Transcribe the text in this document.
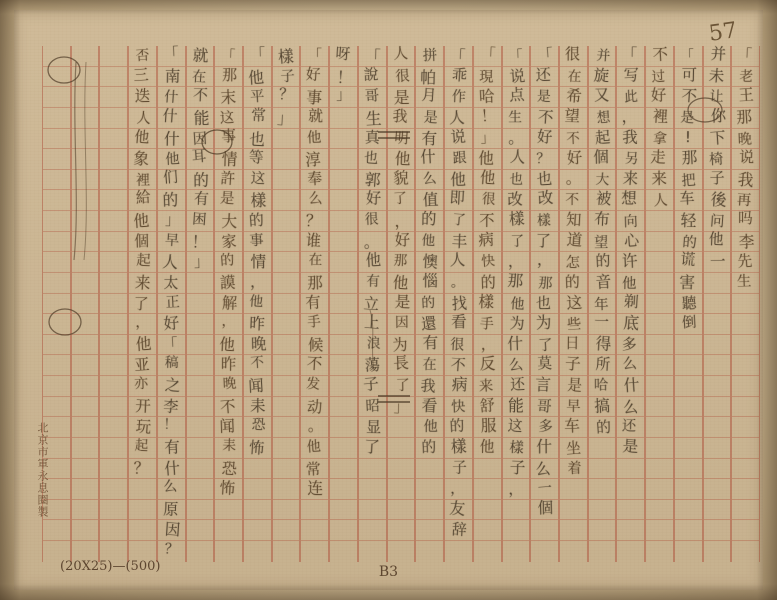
57
否
三
迭
人
他
象
裡
給
他
個
起
来
了
，
他
亚
亦
开
玩
起
？
「
南
什
什
什
他
们
的
」
早
人
太
正
好
「
稿
之
李
！
有
什
么
原
因
？
就
在
不
能
因
耳
的
有
困
！
」
「
那
末
这
事
情
許
是
大
家
的
謨
解
，
他
昨
晚
不
闻
耒
恐
怖
「
他
平
常
也
等
这
樣
的
事
情
，
他
昨
晚
不
闻
耒
恐
怖
樣
子
？
」
「
好
事
就
他
淳
奉
么
？
谁
在
那
有
手
候
不
发
动
。
他
常
连
呀
！
」
「
說
哥
生
真
也
郭
好
很
。
他
有
立
上
浪
蕩
子
昭
显
了
人
很
是
我
明
他
貌
了
，
好
那
他
是
因
为
長
了
」
拼
帕
月
是
有
什
么
值
的
他
懊
惱
的
還
有
在
我
看
他
的
「
乖
作
人
说
跟
他
即
了
丰
人
。
找
看
很
不
病
快
的
樣
子
，
友
辞
「
現
哈
！
」
他
他
很
不
病
快
的
樣
手
，
反
来
舒
服
他
「
说
点
生
。
人
也
改
樣
了
，
那
他
为
什
么
还
能
这
樣
子
，
「
还
是
不
好
？
也
改
樣
了
，
那
也
为
了
莫
言
哥
多
什
么
一
個
很
在
希
望
不
好
。
不
知
道
怎
的
这
些
日
子
是
早
车
坐
着
并
旋
又
想
起
個
大
被
布
望
的
音
年
一
得
所
哈
搞
的
「
写
此
，
我
另
来
想
向
心
许
他
剃
底
多
么
什
么
还
是
不
过
好
裡
拿
走
来
人
「
可
不
是
!
那
把
车
轻
的
谎
害
聽
倒
并
未
让
你
下
椅
子
後
问
他
一
「
老
王
那
晚
说
我
再
吗
李
先
生
北京市軍永息圈製
(20X25)—(500)	B3
